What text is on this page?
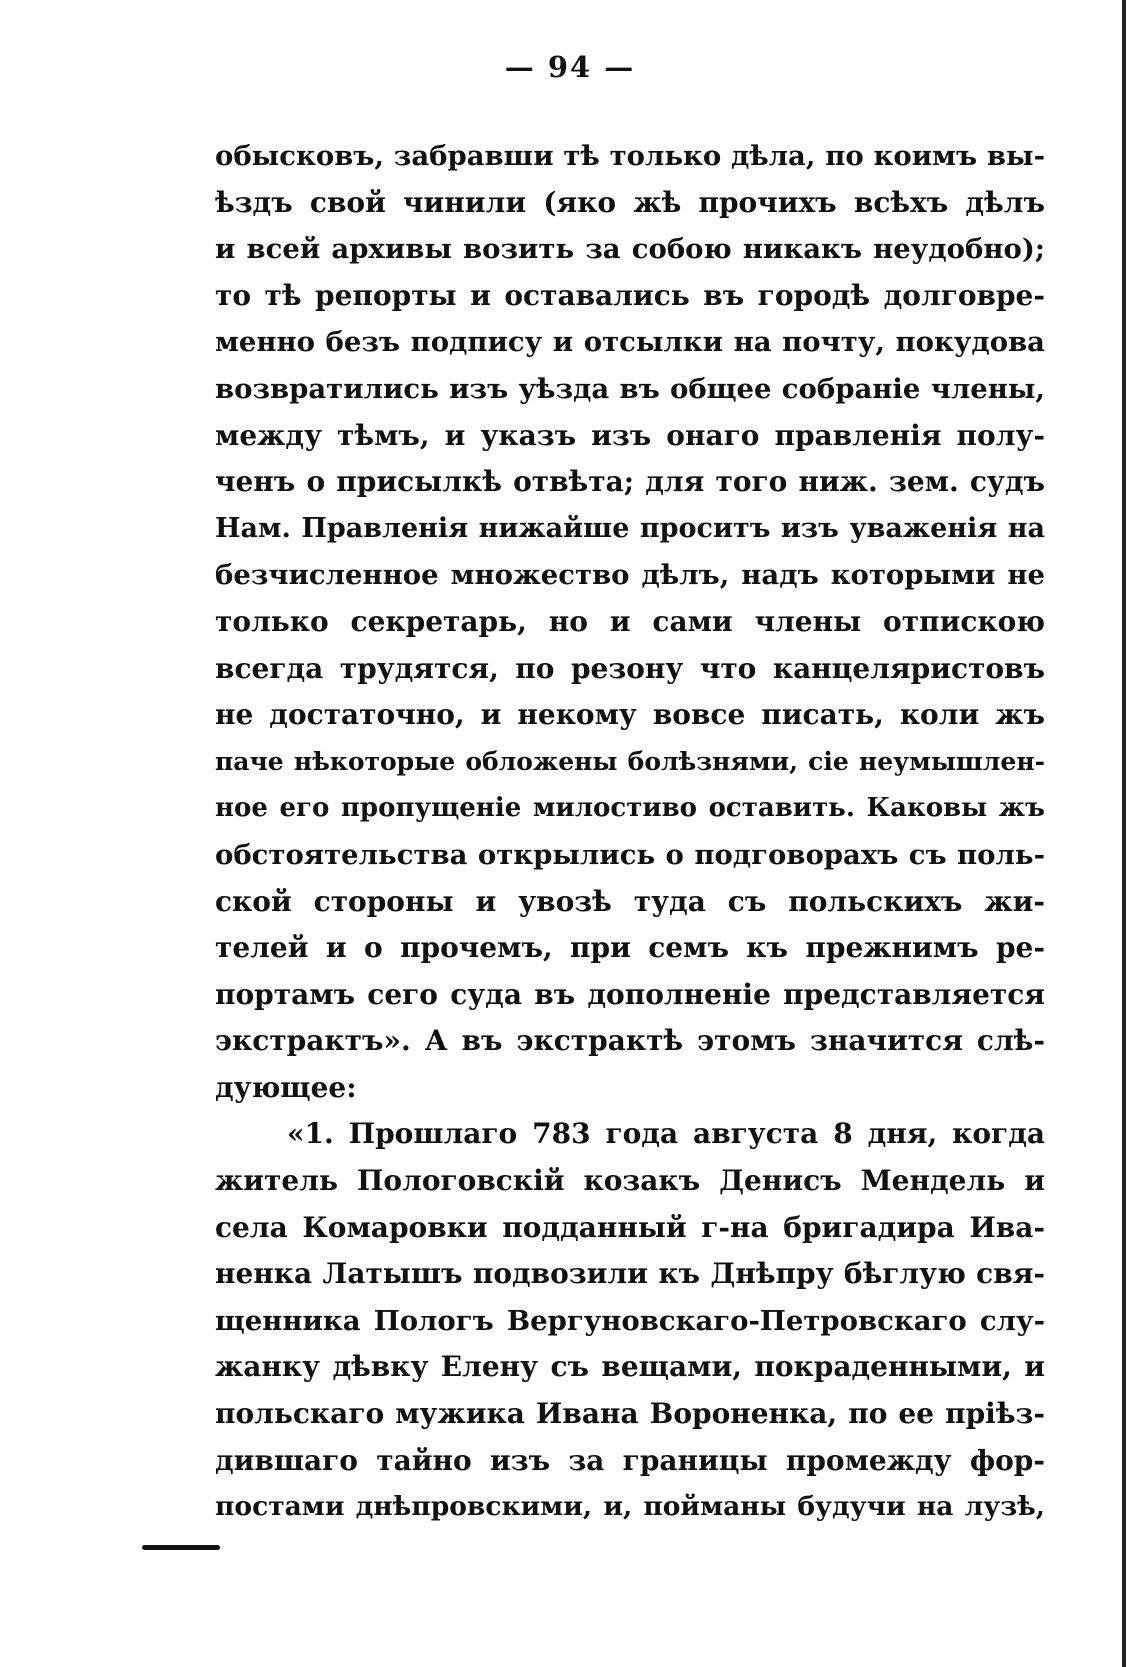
— 94 —
обысковъ, забравши тѣ только дѣла, по коимъ вы-
ѣздъ свой чинили (яко жѣ прочихъ всѣхъ дѣлъ
и всей архивы возить за собою никакъ неудобно);
то тѣ репорты и оставались въ городѣ долговре-
менно безъ подпису и отсылки на почту, покудова
возвратились изъ уѣзда въ общее собраніе члены,
между тѣмъ, и указъ изъ онаго правленія полу-
ченъ о присылкѣ отвѣта; для того ниж. зем. судъ
Нам. Правленія нижайше проситъ изъ уваженія на
безчисленное множество дѣлъ, надъ которыми не
только секретарь, но и сами члены отпискою
всегда трудятся, по резону что канцеляристовъ
не достаточно, и некому вовсе писать, коли жъ
паче нѣкоторые обложены болѣзнями, сіе неумышлен-
ное его пропущеніе милостиво оставить. Каковы жъ
обстоятельства открылись о подговорахъ съ поль-
ской стороны и увозѣ туда съ польскихъ жи-
телей и о прочемъ, при семъ къ прежнимъ ре-
портамъ сего суда въ дополненіе представляется
экстрактъ». А въ экстрактѣ этомъ значится слѣ-
дующее:
«1. Прошлаго 783 года августа 8 дня, когда
житель Пологовскій козакъ Денисъ Мендель и
села Комаровки подданный г-на бригадира Ива-
ненка Латышъ подвозили къ Днѣпру бѣглую свя-
щенника Пологъ Вергуновскаго-Петровскаго слу-
жанку дѣвку Елену съ вещами, покраденными, и
польскаго мужика Ивана Вороненка, по ее пріѣз-
дившаго тайно изъ за границы промежду фор-
постами днѣпровскими, и, пойманы будучи на лузѣ,
